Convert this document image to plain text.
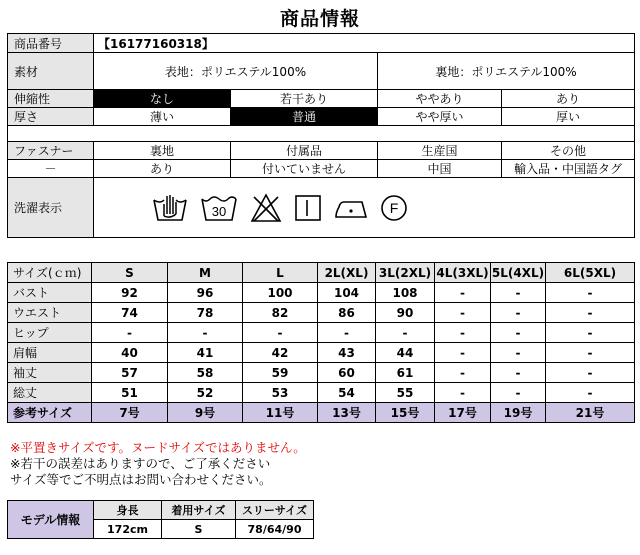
商品情報
商品番号	【16177160318】			
素材	表地：ポリエステル100%		裏地：ポリエステル100%	
伸縮性	なし	若干あり	ややあり	あり
厚さ	薄い	普通	やや厚い	厚い

ファスナー	裏地	付属品	生産国	その他
－	あり	付いていません	中国	輸入品・中国語タグ
洗濯表示	30 F			
サイズ(ｃｍ)	S	M	L	2L(XL)	3L(2XL)	4L(3XL)	5L(4XL)	6L(5XL)
バスト	92	96	100	104	108	-	-	-
ウエスト	74	78	82	86	90	-	-	-
ヒップ	-	-	-	-	-	-	-	-
肩幅	40	41	42	43	44	-	-	-
袖丈	57	58	59	60	61	-	-	-
総丈	51	52	53	54	55	-	-	-
参考サイズ	7号	9号	11号	13号	15号	17号	19号	21号
※平置きサイズです。ヌードサイズではありません。
※若干の誤差はありますので、ご了承ください
サイズ等でご不明点はお問い合わせください。
モデル情報	身長	着用サイズ	スリーサイズ
	172cm	S	78/64/90
